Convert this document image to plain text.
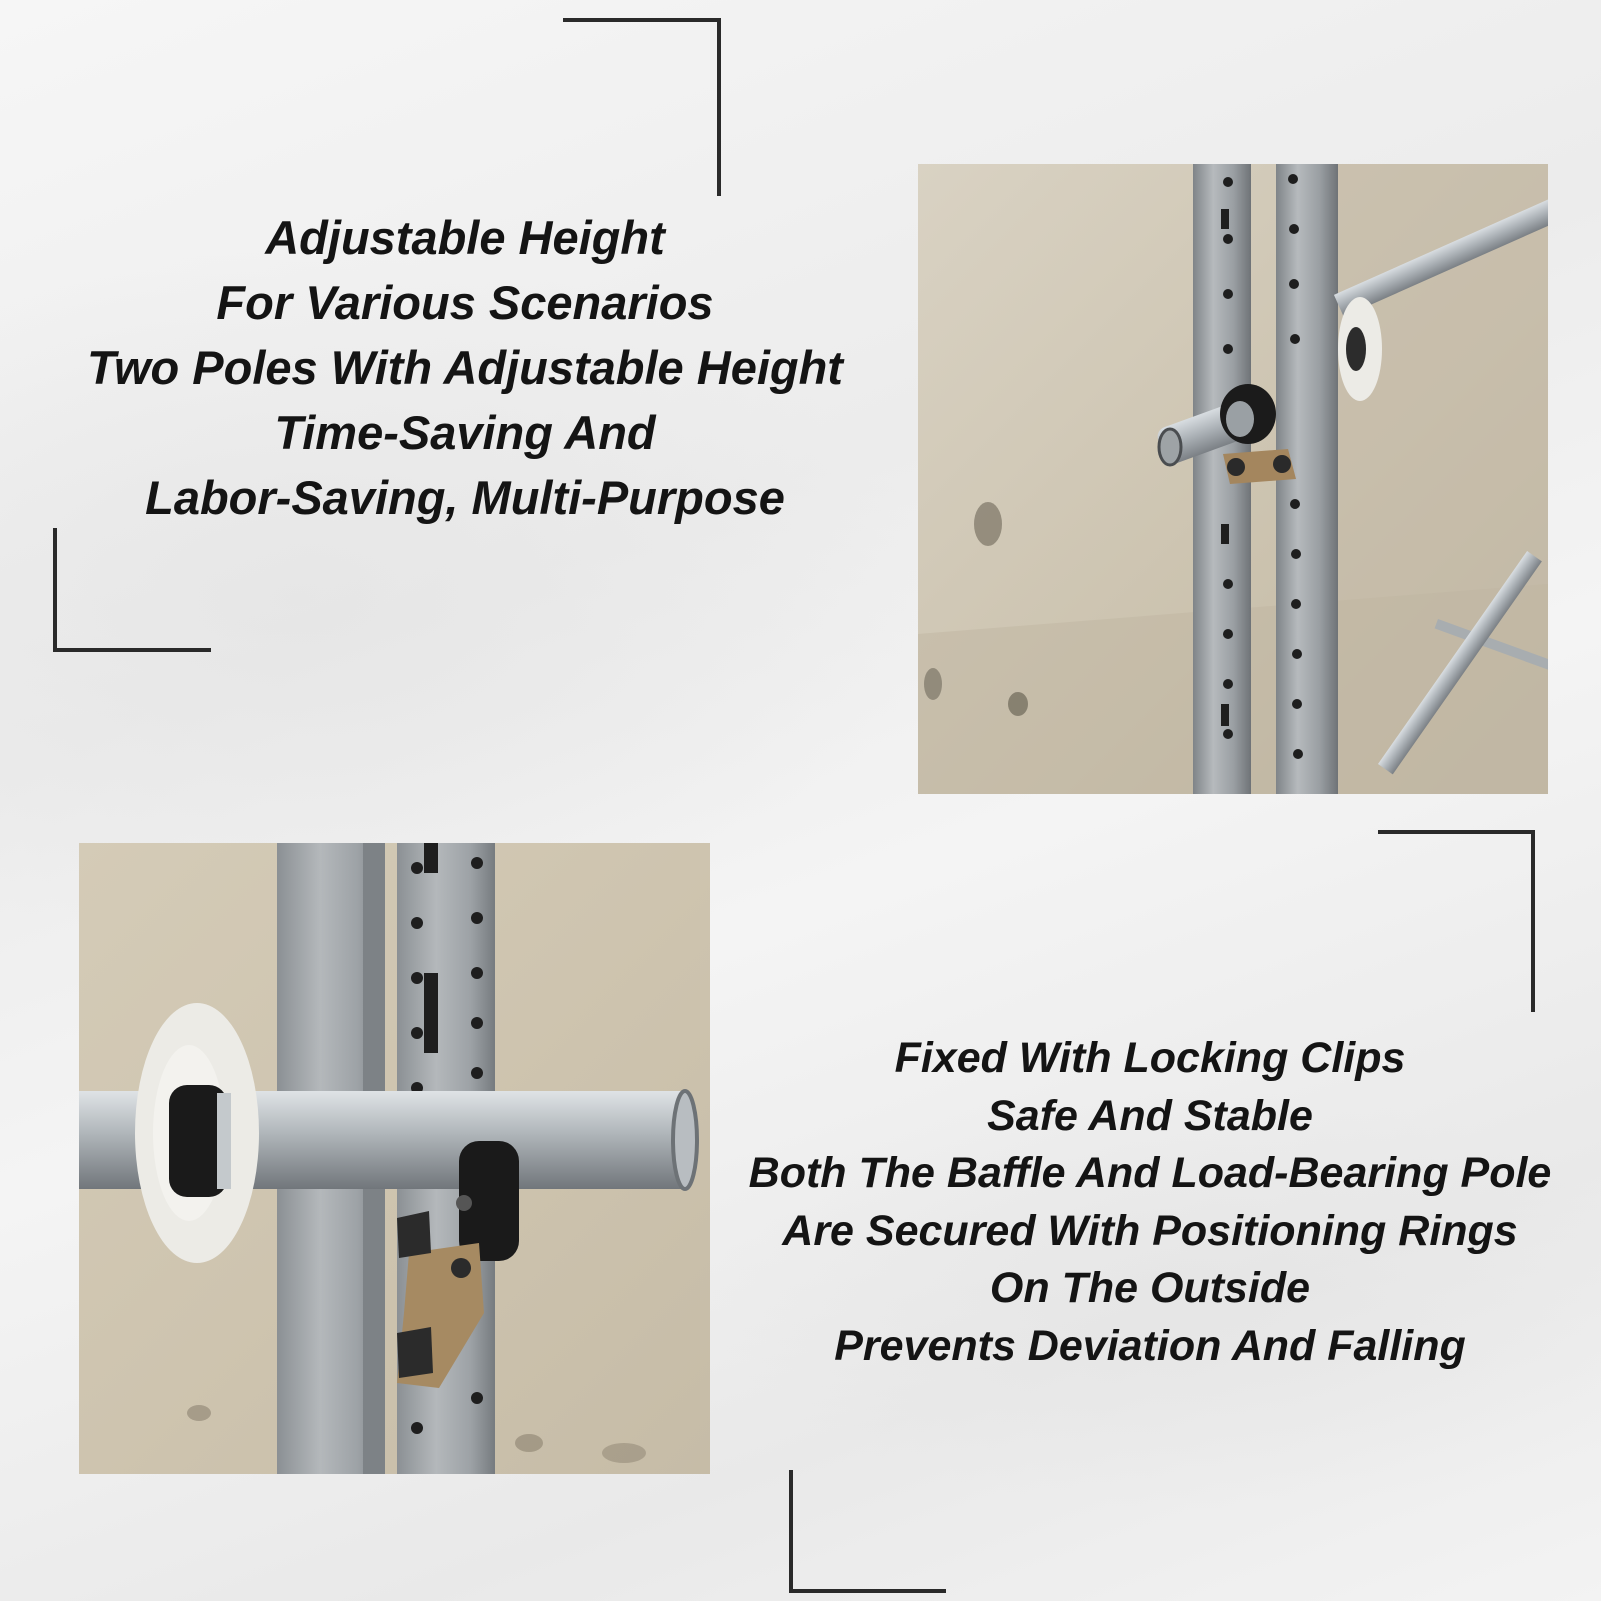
Adjustable Height
For Various Scenarios
Two Poles With Adjustable Height
Time-Saving And
Labor-Saving, Multi-Purpose
Fixed With Locking Clips
Safe And Stable
Both The Baffle And Load-Bearing Pole
Are Secured With Positioning Rings
On The Outside
Prevents Deviation And Falling
